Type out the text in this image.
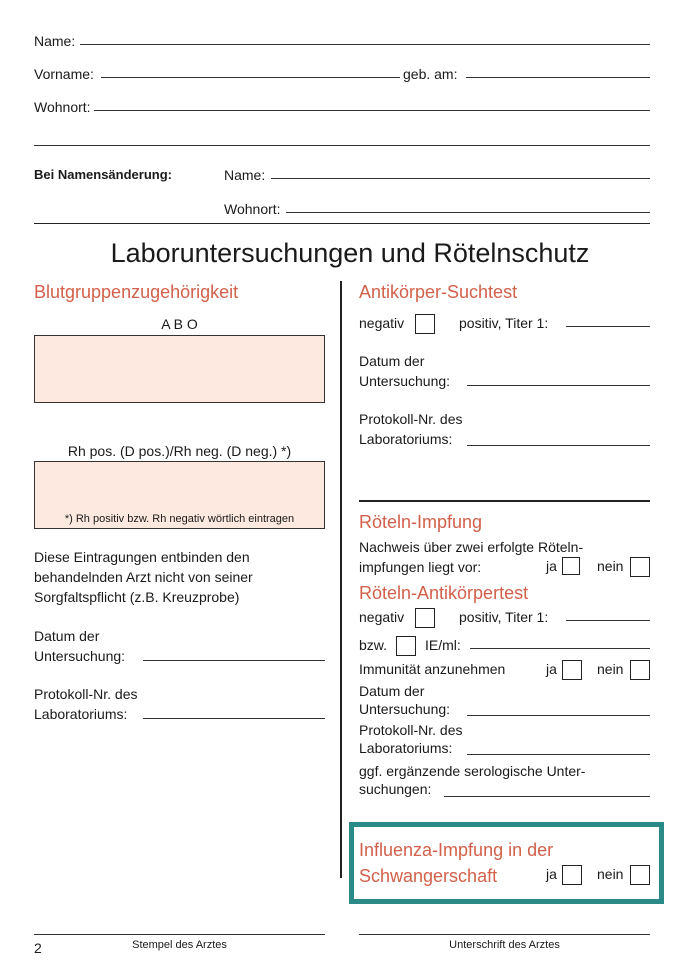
Name:
Vorname:	geb. am:
Wohnort:
Bei Namensänderung:	Name:
Wohnort:
Laboruntersuchungen und Rötelnschutz
Blutgruppenzugehörigkeit
A B O
Rh pos. (D pos.)/Rh neg. (D neg.) *)
*) Rh positiv bzw. Rh negativ wörtlich eintragen
Diese Eintragungen entbinden den
behandelnden Arzt nicht von seiner
Sorgfaltspflicht (z.B. Kreuzprobe)
Datum der
Untersuchung:
Protokoll-Nr. des
Laboratoriums:
Antikörper-Suchtest
negativ	positiv, Titer 1:
Datum der
Untersuchung:
Protokoll-Nr. des
Laboratoriums:
Röteln-Impfung
Nachweis über zwei erfolgte Röteln-
impfungen liegt vor:	ja	nein
Röteln-Antikörpertest
negativ	positiv, Titer 1:
bzw.	IE/ml:
Immunität anzunehmen	ja	nein
Datum der
Untersuchung:
Protokoll-Nr. des
Laboratoriums:
ggf. ergänzende serologische Unter-
suchungen:
Influenza-Impfung in der
Schwangerschaft	ja	nein
2	Stempel des Arztes	Unterschrift des Arztes
